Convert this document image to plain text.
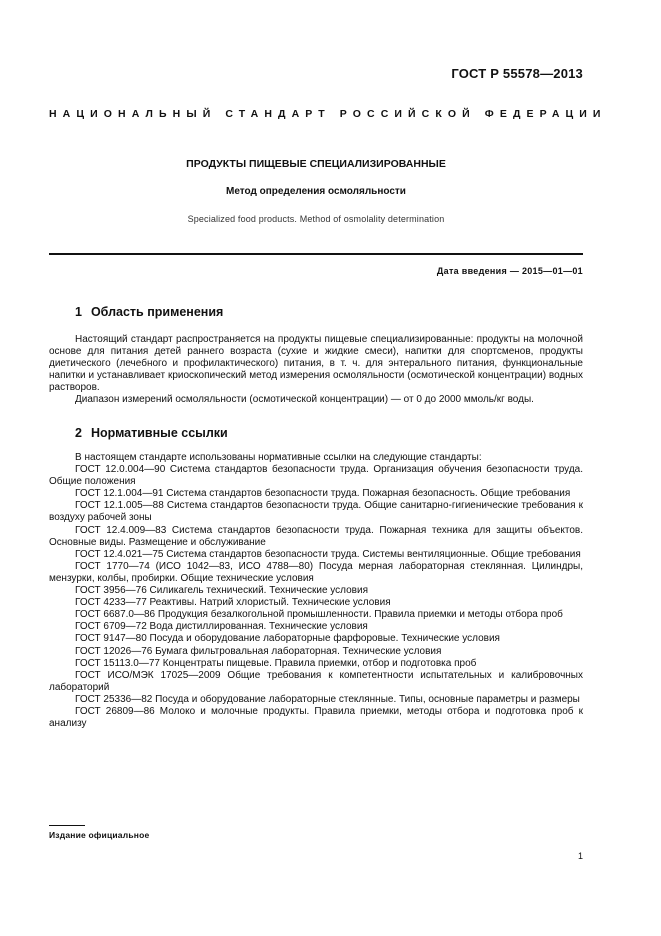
ГОСТ Р 55578—2013
НАЦИОНАЛЬНЫЙ СТАНДАРТ РОССИЙСКОЙ ФЕДЕРАЦИИ
ПРОДУКТЫ ПИЩЕВЫЕ СПЕЦИАЛИЗИРОВАННЫЕ
Метод определения осмоляльности
Specialized food products. Method of osmolality determination
Дата введения — 2015—01—01
1 Область применения

Настоящий стандарт распространяется на продукты пищевые специализированные: продукты на молочной основе для питания детей раннего возраста (сухие и жидкие смеси), напитки для спортсменов, продукты диетического (лечебного и профилактического) питания, в т. ч. для энтерального питания, функциональные напитки и устанавливает криоскопический метод измерения осмоляльности (осмотической концентрации) водных растворов.

Диапазон измерений осмоляльности (осмотической концентрации) — от 0 до 2000 ммоль/кг воды.

2 Нормативные ссылки

В настоящем стандарте использованы нормативные ссылки на следующие стандарты:

ГОСТ 12.0.004—90 Система стандартов безопасности труда. Организация обучения безопасности труда. Общие положения

ГОСТ 12.1.004—91 Система стандартов безопасности труда. Пожарная безопасность. Общие требования

ГОСТ 12.1.005—88 Система стандартов безопасности труда. Общие санитарно-гигиенические требования к воздуху рабочей зоны

ГОСТ 12.4.009—83 Система стандартов безопасности труда. Пожарная техника для защиты объектов. Основные виды. Размещение и обслуживание

ГОСТ 12.4.021—75 Система стандартов безопасности труда. Системы вентиляционные. Общие требования

ГОСТ 1770—74 (ИСО 1042—83, ИСО 4788—80) Посуда мерная лабораторная стеклянная. Цилиндры, мензурки, колбы, пробирки. Общие технические условия

ГОСТ 3956—76 Силикагель технический. Технические условия

ГОСТ 4233—77 Реактивы. Натрий хлористый. Технические условия

ГОСТ 6687.0—86 Продукция безалкогольной промышленности. Правила приемки и методы отбора проб

ГОСТ 6709—72 Вода дистиллированная. Технические условия

ГОСТ 9147—80 Посуда и оборудование лабораторные фарфоровые. Технические условия

ГОСТ 12026—76 Бумага фильтровальная лабораторная. Технические условия

ГОСТ 15113.0—77 Концентраты пищевые. Правила приемки, отбор и подготовка проб

ГОСТ ИСО/МЭК 17025—2009 Общие требования к компетентности испытательных и калибровочных лабораторий

ГОСТ 25336—82 Посуда и оборудование лабораторные стеклянные. Типы, основные параметры и размеры

ГОСТ 26809—86 Молоко и молочные продукты. Правила приемки, методы отбора и подготовка проб к анализу

Издание официальное
1
